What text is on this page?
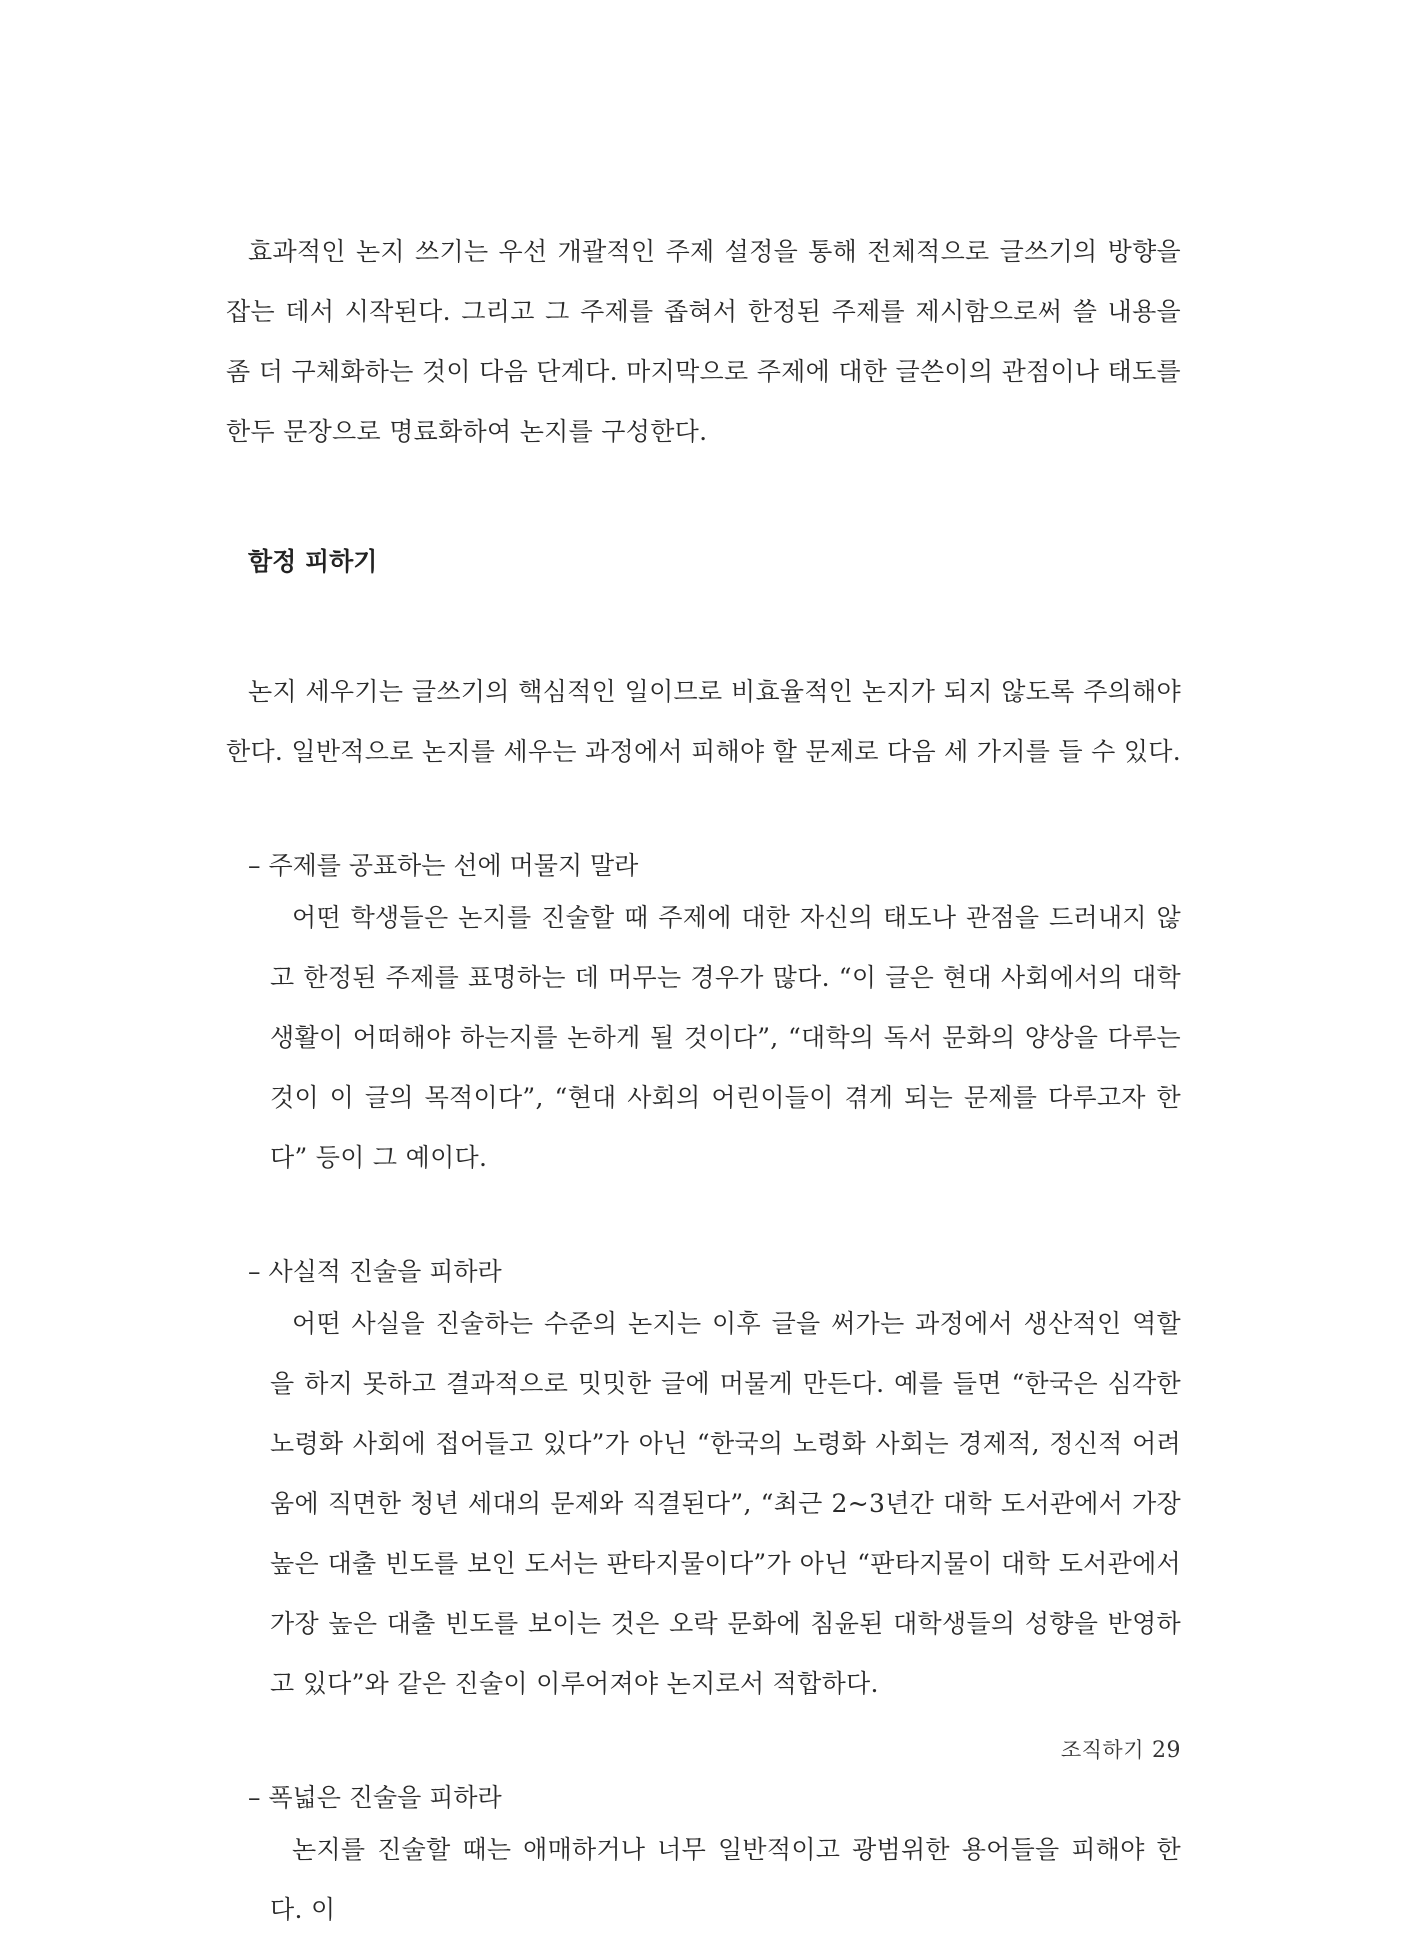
효과적인 논지 쓰기는 우선 개괄적인 주제 설정을 통해 전체적으로 글쓰기의 방향을 잡는 데서 시작된다. 그리고 그 주제를 좁혀서 한정된 주제를 제시함으로써 쓸 내용을 좀 더 구체화하는 것이 다음 단계다. 마지막으로 주제에 대한 글쓴이의 관점이나 태도를 한두 문장으로 명료화하여 논지를 구성한다.

함정 피하기

논지 세우기는 글쓰기의 핵심적인 일이므로 비효율적인 논지가 되지 않도록 주의해야 한다. 일반적으로 논지를 세우는 과정에서 피해야 할 문제로 다음 세 가지를 들 수 있다.

– 주제를 공표하는 선에 머물지 말라

어떤 학생들은 논지를 진술할 때 주제에 대한 자신의 태도나 관점을 드러내지 않고 한정된 주제를 표명하는 데 머무는 경우가 많다. “이 글은 현대 사회에서의 대학 생활이 어떠해야 하는지를 논하게 될 것이다”, “대학의 독서 문화의 양상을 다루는 것이 이 글의 목적이다”, “현대 사회의 어린이들이 겪게 되는 문제를 다루고자 한다” 등이 그 예이다.

– 사실적 진술을 피하라

어떤 사실을 진술하는 수준의 논지는 이후 글을 써가는 과정에서 생산적인 역할을 하지 못하고 결과적으로 밋밋한 글에 머물게 만든다. 예를 들면 “한국은 심각한 노령화 사회에 접어들고 있다”가 아닌 “한국의 노령화 사회는 경제적, 정신적 어려움에 직면한 청년 세대의 문제와 직결된다”, “최근 2~3년간 대학 도서관에서 가장 높은 대출 빈도를 보인 도서는 판타지물이다”가 아닌 “판타지물이 대학 도서관에서 가장 높은 대출 빈도를 보이는 것은 오락 문화에 침윤된 대학생들의 성향을 반영하고 있다”와 같은 진술이 이루어져야 논지로서 적합하다.

– 폭넓은 진술을 피하라

논지를 진술할 때는 애매하거나 너무 일반적이고 광범위한 용어들을 피해야 한다. 이

조직하기 29
